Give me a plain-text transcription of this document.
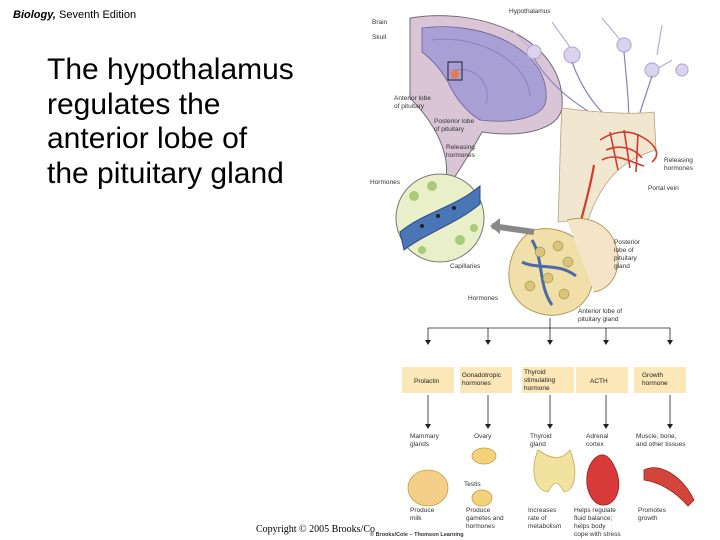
Biology, Seventh Edition
The hypothalamus regulates the anterior lobe of the pituitary gland
Prolactin
Gonadotropic
hormones
Thyroid
stimulating
hormone
ACTH
Growth
hormone
Hypothalamus
Brain
Skull
Anterior lobe
of pituitary
Posterior lobe
of pituitary
Releasing
hormones
Releasing
hormones
Hormones
Portal vein
Posterior
lobe of
pituitary
gland
Capillaries
Hormones
Anterior lobe of
pituitary gland
Mammary
glands
Ovary	Thyroid
gland
Adrenal
cortex
Muscle, bone,
and other tissues
Testis
Produce
milk
Produce
gametes and
hormones
Increases
rate of
metabolism
Helps regulate
fluid balance;
helps body
cope with stress
Promotes
growth
© Brooks/Cole – Thomson Learning
Copyright © 2005 Brooks/Co
